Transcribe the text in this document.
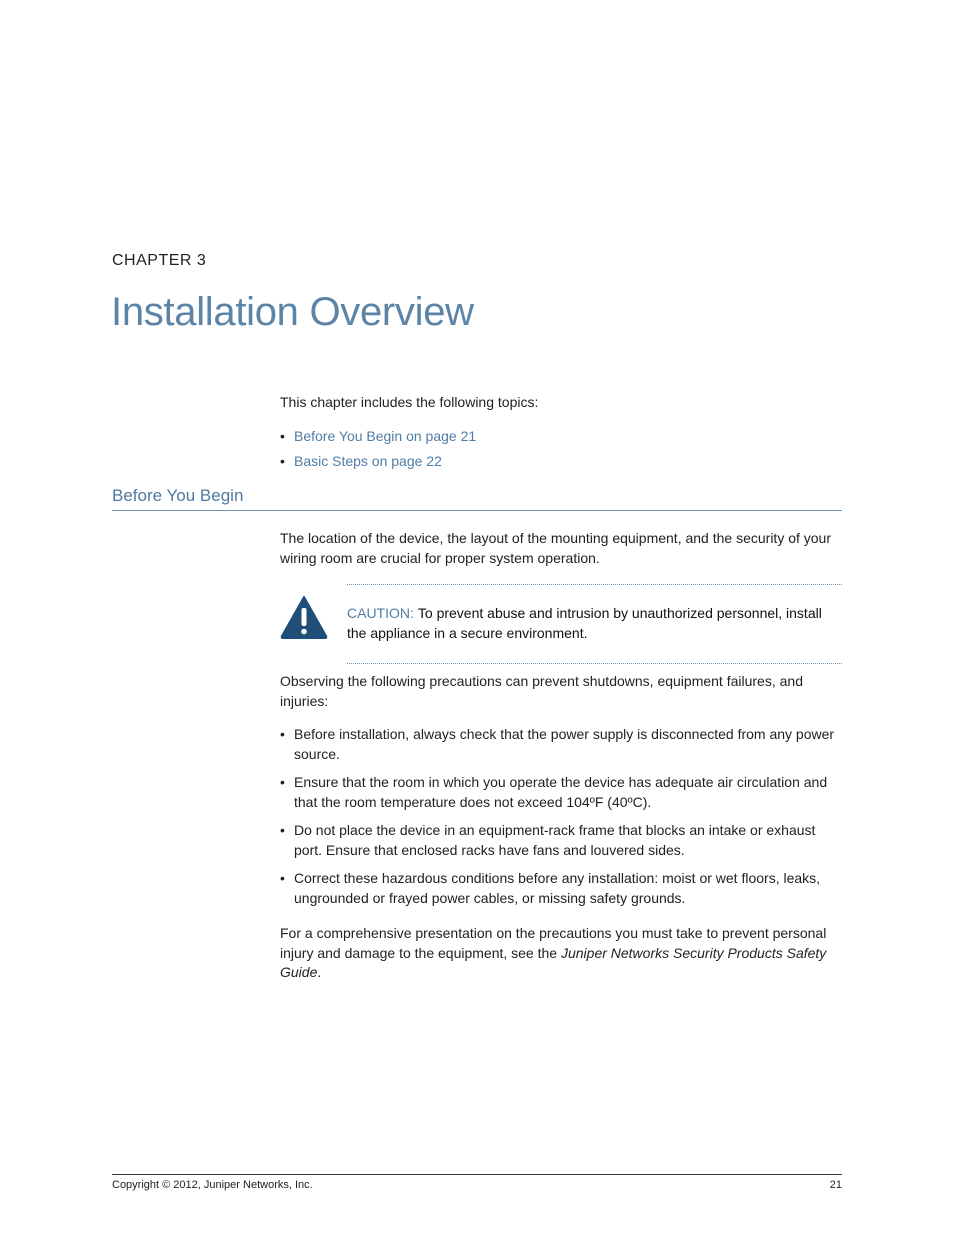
CHAPTER 3
Installation Overview
This chapter includes the following topics:
• Before You Begin on page 21
• Basic Steps on page 22
Before You Begin

The location of the device, the layout of the mounting equipment, and the security of your wiring room are crucial for proper system operation.

CAUTION: To prevent abuse and intrusion by unauthorized personnel, install the appliance in a secure environment.

Observing the following precautions can prevent shutdowns, equipment failures, and injuries:

• Before installation, always check that the power supply is disconnected from any power source.
• Ensure that the room in which you operate the device has adequate air circulation and that the room temperature does not exceed 104ºF (40ºC).
• Do not place the device in an equipment-rack frame that blocks an intake or exhaust port. Ensure that enclosed racks have fans and louvered sides.
• Correct these hazardous conditions before any installation: moist or wet floors, leaks, ungrounded or frayed power cables, or missing safety grounds.

For a comprehensive presentation on the precautions you must take to prevent personal injury and damage to the equipment, see the Juniper Networks Security Products Safety Guide.

Copyright © 2012, Juniper Networks, Inc.	21
